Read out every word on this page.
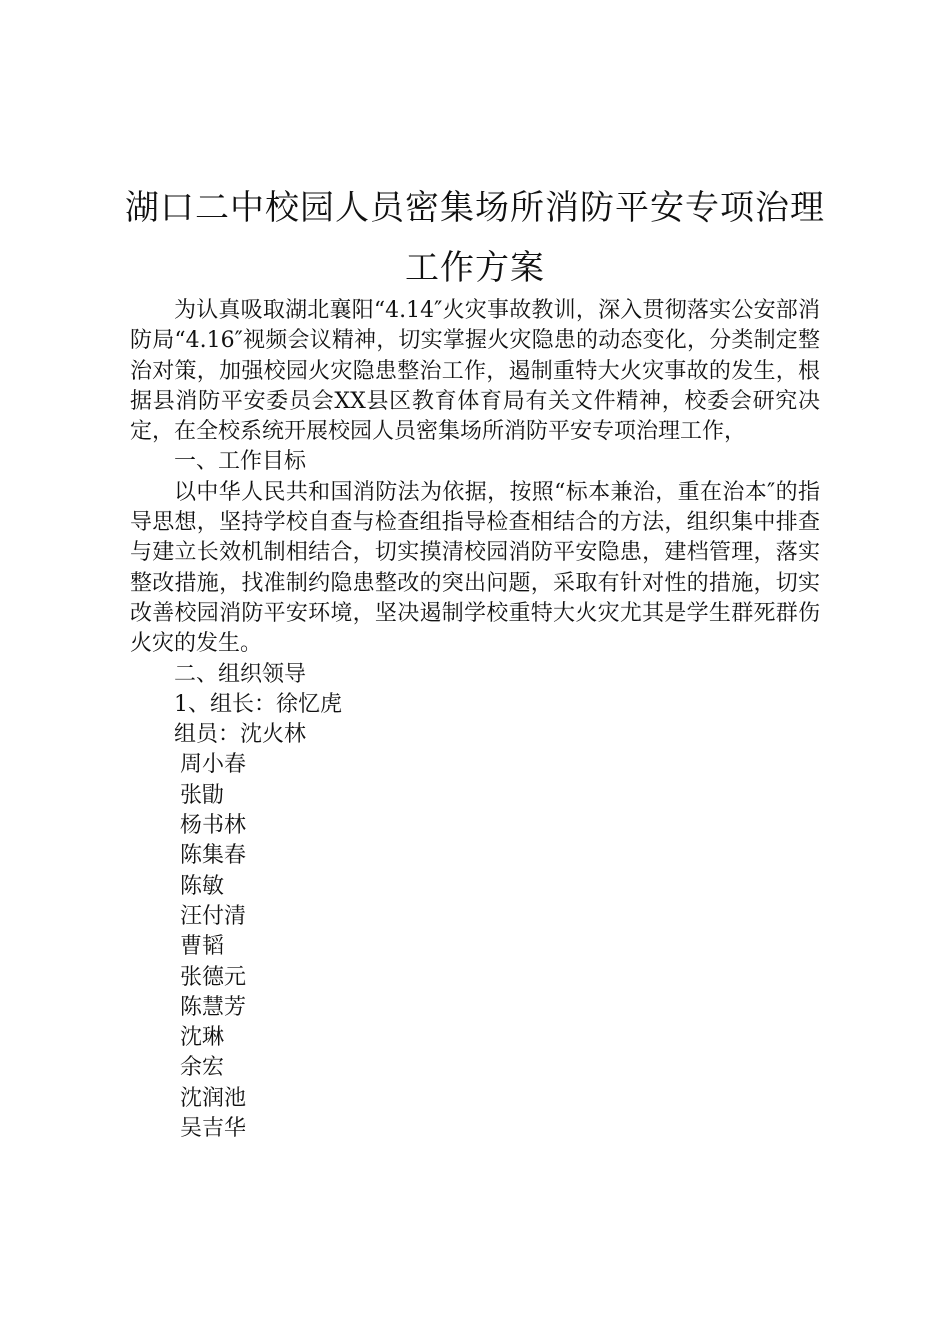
湖口二中校园人员密集场所消防平安专项治理
工作方案

为认真吸取湖北襄阳“4.14″火灾事故教训，深入贯彻落实公安部消防局“4.16″视频会议精神，切实掌握火灾隐患的动态变化，分类制定整治对策，加强校园火灾隐患整治工作，遏制重特大火灾事故的发生，根据县消防平安委员会XX县区教育体育局有关文件精神，校委会研究决定，在全校系统开展校园人员密集场所消防平安专项治理工作，

一、工作目标

以中华人民共和国消防法为依据，按照“标本兼治，重在治本″的指导思想，坚持学校自查与检查组指导检查相结合的方法，组织集中排查与建立长效机制相结合，切实摸清校园消防平安隐患，建档管理，落实整改措施，找准制约隐患整改的突出问题，采取有针对性的措施，切实改善校园消防平安环境，坚决遏制学校重特大火灾尤其是学生群死群伤火灾的发生。

二、组织领导

1、组长：徐忆虎

组员：沈火林

周小春

张勖

杨书林

陈集春

陈敏

汪付清

曹韬

张德元

陈慧芳

沈琳

余宏

沈润池

吴吉华
